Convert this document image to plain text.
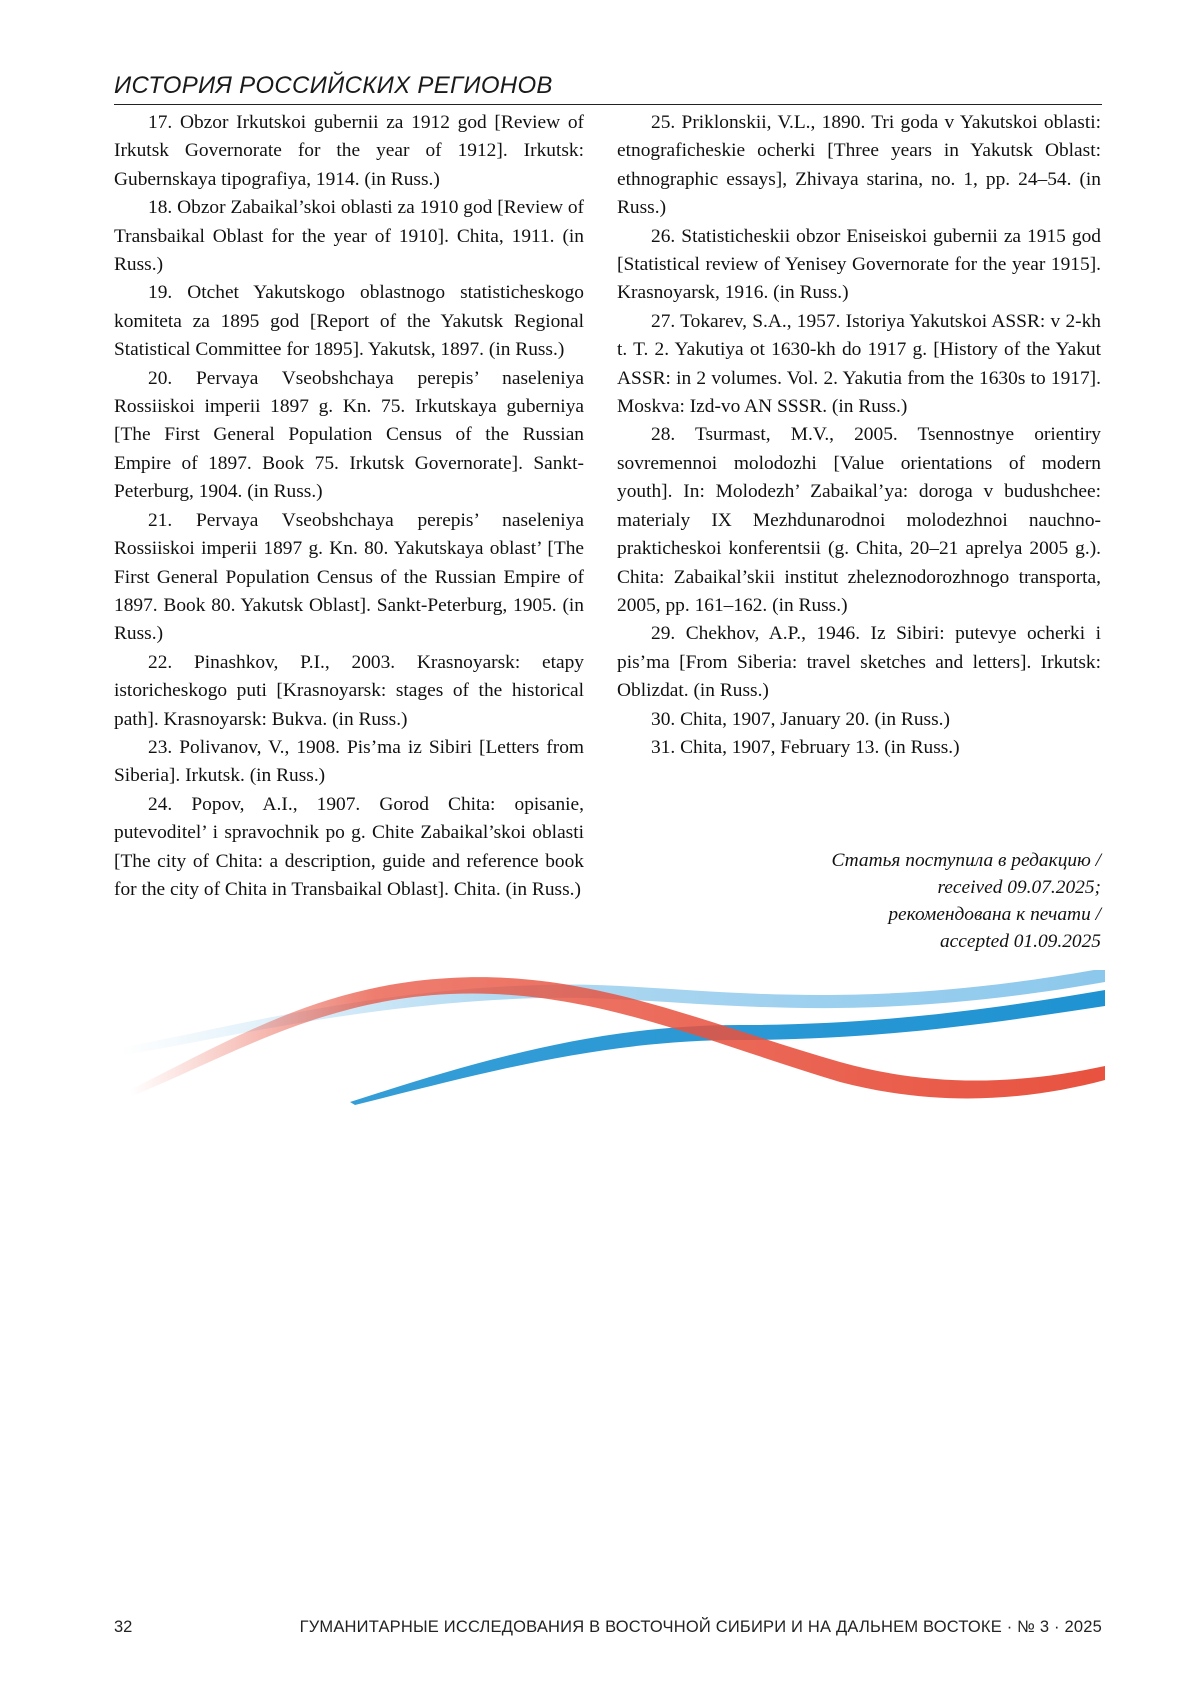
ИСТОРИЯ РОССИЙСКИХ РЕГИОНОВ

17. Obzor Irkutskoi gubernii za 1912 god [Review of Irkutsk Governorate for the year of 1912]. Irkutsk: Gubernskaya tipografiya, 1914. (in Russ.)

18. Obzor Zabaikal’skoi oblasti za 1910 god [Review of Transbaikal Oblast for the year of 1910]. Chita, 1911. (in Russ.)

19. Otchet Yakutskogo oblastnogo statisticheskogo komiteta za 1895 god [Report of the Yakutsk Regional Statistical Committee for 1895]. Yakutsk, 1897. (in Russ.)

20. Pervaya Vseobshchaya perepis’ naseleniya Rossiiskoi imperii 1897 g. Kn. 75. Irkutskaya guberniya [The First General Population Census of the Russian Empire of 1897. Book 75. Irkutsk Governorate]. Sankt-Peterburg, 1904. (in Russ.)

21. Pervaya Vseobshchaya perepis’ naseleniya Rossiiskoi imperii 1897 g. Kn. 80. Yakutskaya oblast’ [The First General Population Census of the Russian Empire of 1897. Book 80. Yakutsk Oblast]. Sankt-Peterburg, 1905. (in Russ.)

22. Pinashkov, P.I., 2003. Krasnoyarsk: etapy istoricheskogo puti [Krasnoyarsk: stages of the historical path]. Krasnoyarsk: Bukva. (in Russ.)

23. Polivanov, V., 1908. Pis’ma iz Sibiri [Letters from Siberia]. Irkutsk. (in Russ.)

24. Popov, A.I., 1907. Gorod Chita: opisanie, putevoditel’ i spravochnik po g. Chite Zabaikal’skoi oblasti [The city of Chita: a description, guide and reference book for the city of Chita in Transbaikal Oblast]. Chita. (in Russ.)

25. Priklonskii, V.L., 1890. Tri goda v Yakutskoi oblasti: etnograficheskie ocherki [Three years in Yakutsk Oblast: ethnographic essays], Zhivaya starina, no. 1, pp. 24–54. (in Russ.)

26. Statisticheskii obzor Eniseiskoi gubernii za 1915 god [Statistical review of Yenisey Governorate for the year 1915]. Krasnoyarsk, 1916. (in Russ.)

27. Tokarev, S.A., 1957. Istoriya Yakutskoi ASSR: v 2-kh t. T. 2. Yakutiya ot 1630-kh do 1917 g. [History of the Yakut ASSR: in 2 volumes. Vol. 2. Yakutia from the 1630s to 1917]. Moskva: Izd-vo AN SSSR. (in Russ.)

28. Tsurmast, M.V., 2005. Tsennostnye orientiry sovremennoi molodozhi [Value orientations of modern youth]. In: Molodezh’ Zabaikal’ya: doroga v budushchee: materialy IX Mezhdunarodnoi molodezhnoi nauchno-prakticheskoi konferentsii (g. Chita, 20–21 aprelya 2005 g.). Chita: Zabaikal’skii institut zheleznodorozhnogo transporta, 2005, pp. 161–162. (in Russ.)

29. Chekhov, A.P., 1946. Iz Sibiri: putevye ocherki i pis’ma [From Siberia: travel sketches and letters]. Irkutsk: Oblizdat. (in Russ.)

30. Chita, 1907, January 20. (in Russ.)

31. Chita, 1907, February 13. (in Russ.)

Статья поступила в редакцию /
received 09.07.2025;
рекомендована к печати /
accepted 01.09.2025
32	ГУМАНИТАРНЫЕ ИССЛЕДОВАНИЯ В ВОСТОЧНОЙ СИБИРИ И НА ДАЛЬНЕМ ВОСТОКЕ · № 3 · 2025
